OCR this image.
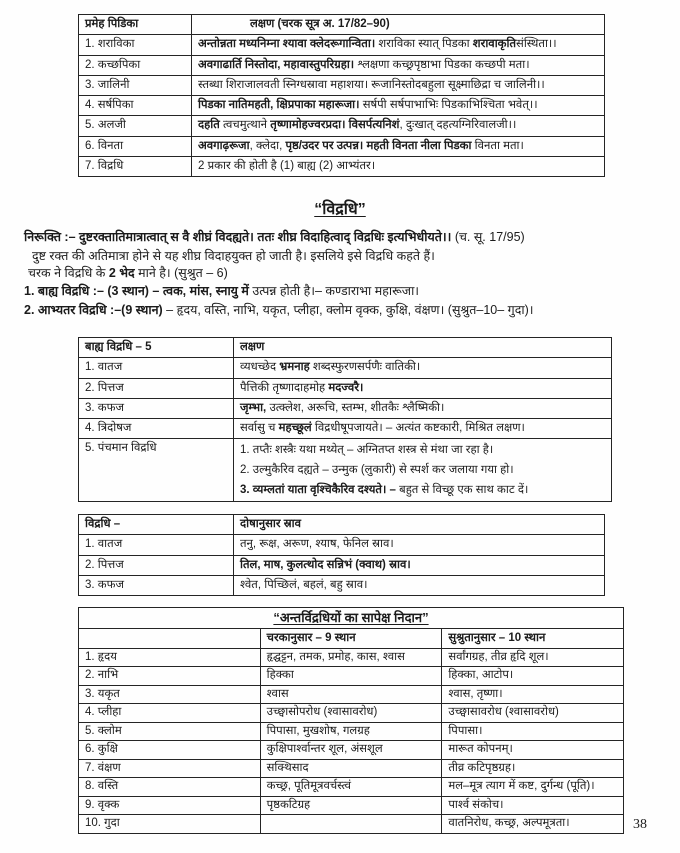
प्रमेह पिडिका	लक्षण (चरक सूत्र अ. 17/82–90)
1. शराविका	अन्तोन्नता मध्यनिम्ना श्यावा क्लेदरूगान्विता। शराविका स्यात् पिडका शरावाकृतिसंस्थिता।।
2. कच्छपिका	अवगाढार्ति निस्तोदा, महावास्तुपरिग्रहा। श्लक्षणा कच्छ्रपृष्ठाभा पिडका कच्छपी मता।
3. जालिनी	स्तब्धा शिराजालवती स्निग्धस्रावा महाशया। रूजानिस्तोदबहुला सूक्ष्माछिद्रा च जालिनी।।
4. सर्षपिका	पिडका नातिमहती, क्षिप्रपाका महारूजा। सर्षपी सर्षपाभाभिः पिडकाभिश्चिता भवेत्।।
5. अलजी	दहति त्वचमुत्थाने तृष्णामोहज्वरप्रदा। विसर्पत्यनिशं, दुःखात् दहत्यग्निरिवालजी।।
6. विनता	अवगाढ़रूजा, क्लेदा, पृष्ठ/उदर पर उत्पन्न। महती विनता नीला पिडका विनता मता।
7. विद्रधि	2 प्रकार की होती है (1) बाह्य (2) आभ्यंतर।
“विद्रधि”
निरूक्ति :– दुष्टरक्तातिमात्रात्वात् स वै शीघ्रं विदह्यते। ततः शीघ्र विदाहित्वाद् विद्रधिः इत्यभिधीयते।। (च. सू. 17/95)
दुष्ट रक्त की अतिमात्रा होने से यह शीघ्र विदाहयुक्त हो जाती है। इसलिये इसे विद्रधि कहते हैं।
चरक ने विद्रधि के 2 भेद माने है। (सुश्रुत – 6)
1. बाह्य विद्रधि :– (3 स्थान) – त्वक, मांस, स्नायु में उत्पन्न होती है।– कण्डाराभा महारूजा।
2. आभ्यतर विद्रधि :–(9 स्थान) – हृदय, वस्ति, नाभि, यकृत, प्लीहा, क्लोम वृक्क, कुक्षि, वंक्षण। (सुश्रुत–10– गुदा)।
बाह्य विद्रधि – 5	लक्षण
1. वातज	व्यधच्छेद भ्रमनाह शब्दस्फुरणसर्पणैः वातिकी।
2. पित्तज	पैत्तिकी तृष्णादाहमोह मदज्वरै।
3. कफज	जृम्भा, उत्क्लेश, अरूचि, स्तम्भ, शीतकैः श्लैष्मिकी।
4. त्रिदोषज	सर्वासु च महच्छूलं विद्रधीषूपजायते। – अत्यंत कष्टकारी, मिश्रित लक्षण।
5. पंचमान विद्रधि	1. तप्तैः शस्त्रैः यथा मथ्येत् – अग्नितप्त शस्त्र से मंथा जा रहा है।
2. उल्मुकैरिव दह्यते – उन्मुक (लुकारी) से स्पर्श कर जलाया गया हो।
3. व्यम्लतां याता वृश्चिकैरिव दश्यते। – बहुत से विच्छू एक साथ काट दें।
विद्रधि –	दोषानुसार स्राव
1. वातज	तनु, रूक्ष, अरूण, श्याष, फेनिल स्राव।
2. पित्तज	तिल, माष, कुलत्थोद सन्निभं (क्वाथ) स्राव।
3. कफज	श्वेत, पिच्छिलं, बहलं, बहु स्राव।
“अन्तर्विद्रधियों का सापेक्ष निदान”		
	चरकानुसार – 9 स्थान	सुश्रुतानुसार – 10 स्थान
1. हृदय	हृद्घट्टन, तमक, प्रमोह, कास, श्वास	सर्वांगग्रह, तीव्र हृदि शूल।
2. नाभि	हिक्का	हिक्का, आटोप।
3. यकृत	श्वास	श्वास, तृष्णा।
4. प्लीहा	उच्छ्वासोपरोध (श्वासावरोध)	उच्छ्वासावरोध (श्वासावरोध)
5. क्लोम	पिपासा, मुखशोष, गलग्रह	पिपासा।
6. कुक्षि	कुक्षिपार्श्वान्तर शूल, अंसशूल	मारूत कोपनम्।
7. वंक्षण	सक्थिसाद	तीव्र कटिपृष्ठग्रह।
8. वस्ति	कच्छ्र, पूतिमूत्रवर्चस्त्वं	मल–मूत्र त्याग में कष्ट, दुर्गन्ध (पूति)।
9. वृक्क	पृष्ठकटिग्रह	पार्श्व संकोच।
10. गुदा		वातनिरोध, कच्छ्र, अल्पमूत्रता।	38
